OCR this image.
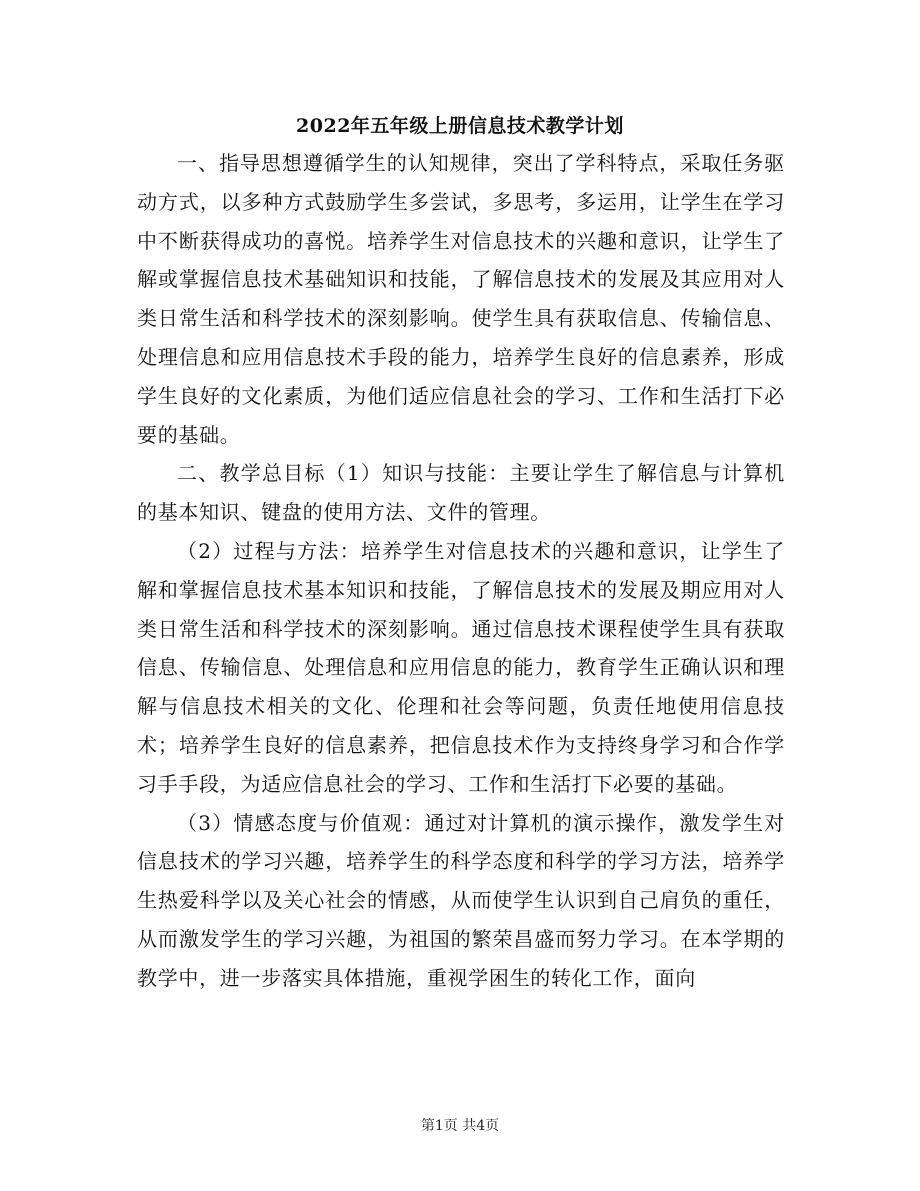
2022年五年级上册信息技术教学计划

一、指导思想遵循学生的认知规律，突出了学科特点，采取任务驱动方式，以多种方式鼓励学生多尝试，多思考，多运用，让学生在学习中不断获得成功的喜悦。培养学生对信息技术的兴趣和意识，让学生了解或掌握信息技术基础知识和技能，了解信息技术的发展及其应用对人类日常生活和科学技术的深刻影响。使学生具有获取信息、传输信息、处理信息和应用信息技术手段的能力，培养学生良好的信息素养，形成学生良好的文化素质，为他们适应信息社会的学习、工作和生活打下必要的基础。

二、教学总目标（1）知识与技能：主要让学生了解信息与计算机的基本知识、键盘的使用方法、文件的管理。

（2）过程与方法：培养学生对信息技术的兴趣和意识，让学生了解和掌握信息技术基本知识和技能，了解信息技术的发展及期应用对人类日常生活和科学技术的深刻影响。通过信息技术课程使学生具有获取信息、传输信息、处理信息和应用信息的能力，教育学生正确认识和理解与信息技术相关的文化、伦理和社会等问题，负责任地使用信息技术；培养学生良好的信息素养，把信息技术作为支持终身学习和合作学习手手段，为适应信息社会的学习、工作和生活打下必要的基础。

（3）情感态度与价值观：通过对计算机的演示操作，激发学生对信息技术的学习兴趣，培养学生的科学态度和科学的学习方法，培养学生热爱科学以及关心社会的情感，从而使学生认识到自己肩负的重任，从而激发学生的学习兴趣，为祖国的繁荣昌盛而努力学习。在本学期的教学中，进一步落实具体措施，重视学困生的转化工作，面向

第1页 共4页
